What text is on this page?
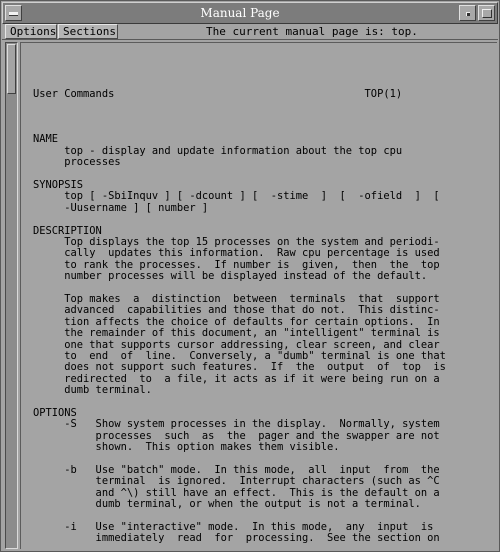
Manual Page
Options Sections	The current manual page is: top.

User Commands                                        TOP(1)

NAME
top - display and update information about the top cpu
processes

SYNOPSIS
top [ -SbiInquv ] [ -dcount ] [  -stime  ]  [  -ofield  ]  [
-Uusername ] [ number ]

DESCRIPTION
Top displays the top 15 processes on the system and periodi-
cally  updates this information.  Raw cpu percentage is used
to rank the processes.  If number is  given,  then  the  top
number processes will be displayed instead of the default.

Top makes  a  distinction  between  terminals  that  support
advanced  capabilities and those that do not.  This distinc-
tion affects the choice of defaults for certain options.  In
the remainder of this document, an "intelligent" terminal is
one that supports cursor addressing, clear screen, and clear
to  end  of  line.  Conversely, a "dumb" terminal is one that
does not support such features.  If  the  output  of  top  is
redirected  to  a file, it acts as if it were being run on a
dumb terminal.

OPTIONS
-S   Show system processes in the display.  Normally, system
processes  such  as  the  pager and the swapper are not
shown.  This option makes them visible.

-b   Use "batch" mode.  In this mode,  all  input  from  the
terminal  is ignored.  Interrupt characters (such as ^C
and ^\) still have an effect.  This is the default on a
dumb terminal, or when the output is not a terminal.

-i   Use "interactive" mode.  In this mode,  any  input  is
immediately  read  for  processing.  See the section on
